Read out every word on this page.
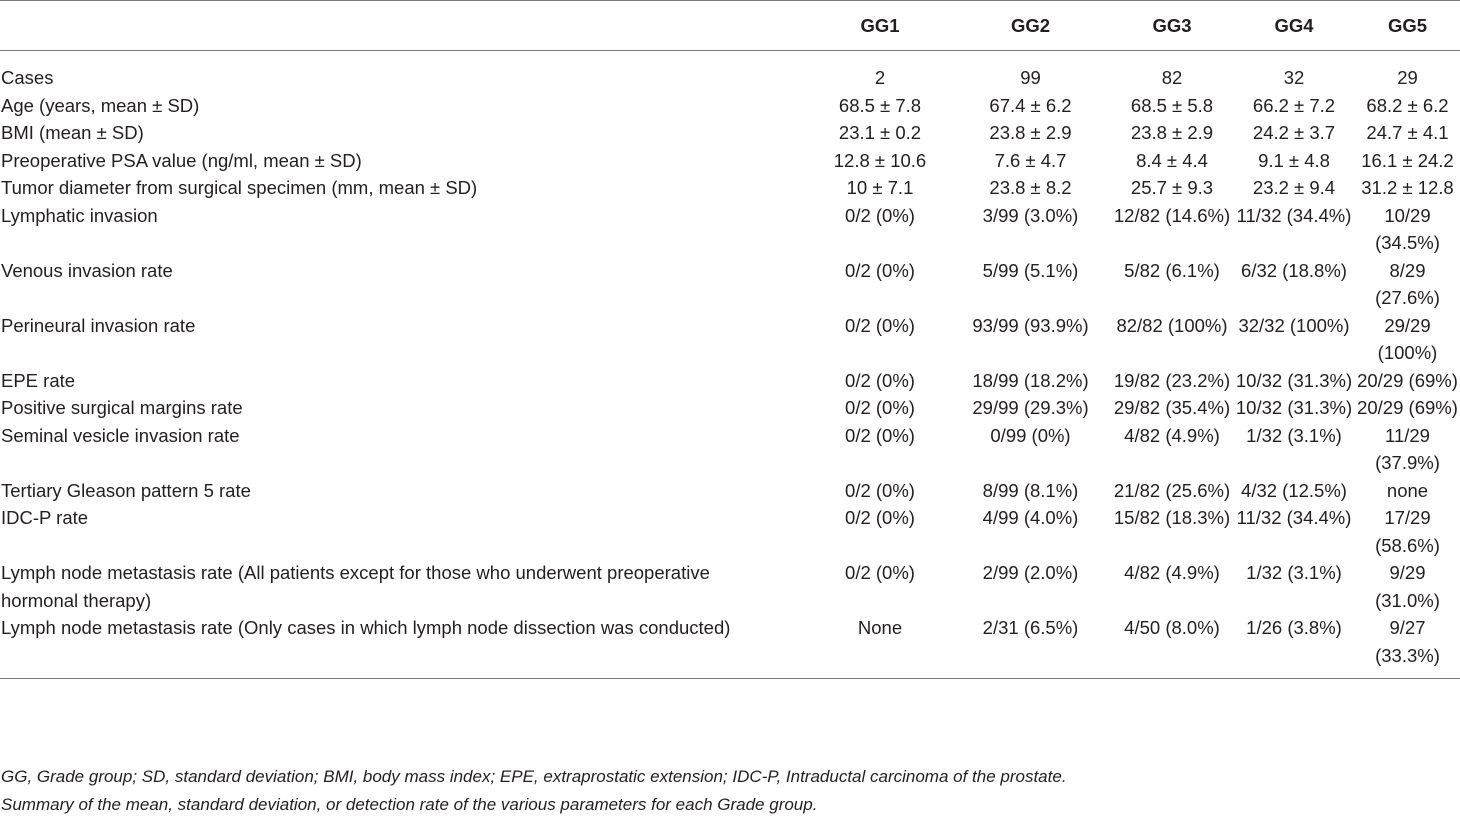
	GG1	GG2	GG3	GG4	GG5
Cases	2	99	82	32	29
Age (years, mean ± SD)	68.5 ± 7.8	67.4 ± 6.2	68.5 ± 5.8	66.2 ± 7.2	68.2 ± 6.2
BMI (mean ± SD)	23.1 ± 0.2	23.8 ± 2.9	23.8 ± 2.9	24.2 ± 3.7	24.7 ± 4.1
Preoperative PSA value (ng/ml, mean ± SD)	12.8 ± 10.6	7.6 ± 4.7	8.4 ± 4.4	9.1 ± 4.8	16.1 ± 24.2
Tumor diameter from surgical specimen (mm, mean ± SD)	10 ± 7.1	23.8 ± 8.2	25.7 ± 9.3	23.2 ± 9.4	31.2 ± 12.8
Lymphatic invasion	0/2 (0%)	3/99 (3.0%)	12/82 (14.6%)	11/32 (34.4%)	10/29 (34.5%)
Venous invasion rate	0/2 (0%)	5/99 (5.1%)	5/82 (6.1%)	6/32 (18.8%)	8/29 (27.6%)
Perineural invasion rate	0/2 (0%)	93/99 (93.9%)	82/82 (100%)	32/32 (100%)	29/29 (100%)
EPE rate	0/2 (0%)	18/99 (18.2%)	19/82 (23.2%)	10/32 (31.3%)	20/29 (69%)
Positive surgical margins rate	0/2 (0%)	29/99 (29.3%)	29/82 (35.4%)	10/32 (31.3%)	20/29 (69%)
Seminal vesicle invasion rate	0/2 (0%)	0/99 (0%)	4/82 (4.9%)	1/32 (3.1%)	11/29 (37.9%)
Tertiary Gleason pattern 5 rate	0/2 (0%)	8/99 (8.1%)	21/82 (25.6%)	4/32 (12.5%)	none
IDC-P rate	0/2 (0%)	4/99 (4.0%)	15/82 (18.3%)	11/32 (34.4%)	17/29 (58.6%)
Lymph node metastasis rate (All patients except for those who underwent preoperative hormonal therapy)	0/2 (0%)	2/99 (2.0%)	4/82 (4.9%)	1/32 (3.1%)	9/29 (31.0%)
Lymph node metastasis rate (Only cases in which lymph node dissection was conducted)	None	2/31 (6.5%)	4/50 (8.0%)	1/26 (3.8%)	9/27 (33.3%)
GG, Grade group; SD, standard deviation; BMI, body mass index; EPE, extraprostatic extension; IDC-P, Intraductal carcinoma of the prostate.
Summary of the mean, standard deviation, or detection rate of the various parameters for each Grade group.
